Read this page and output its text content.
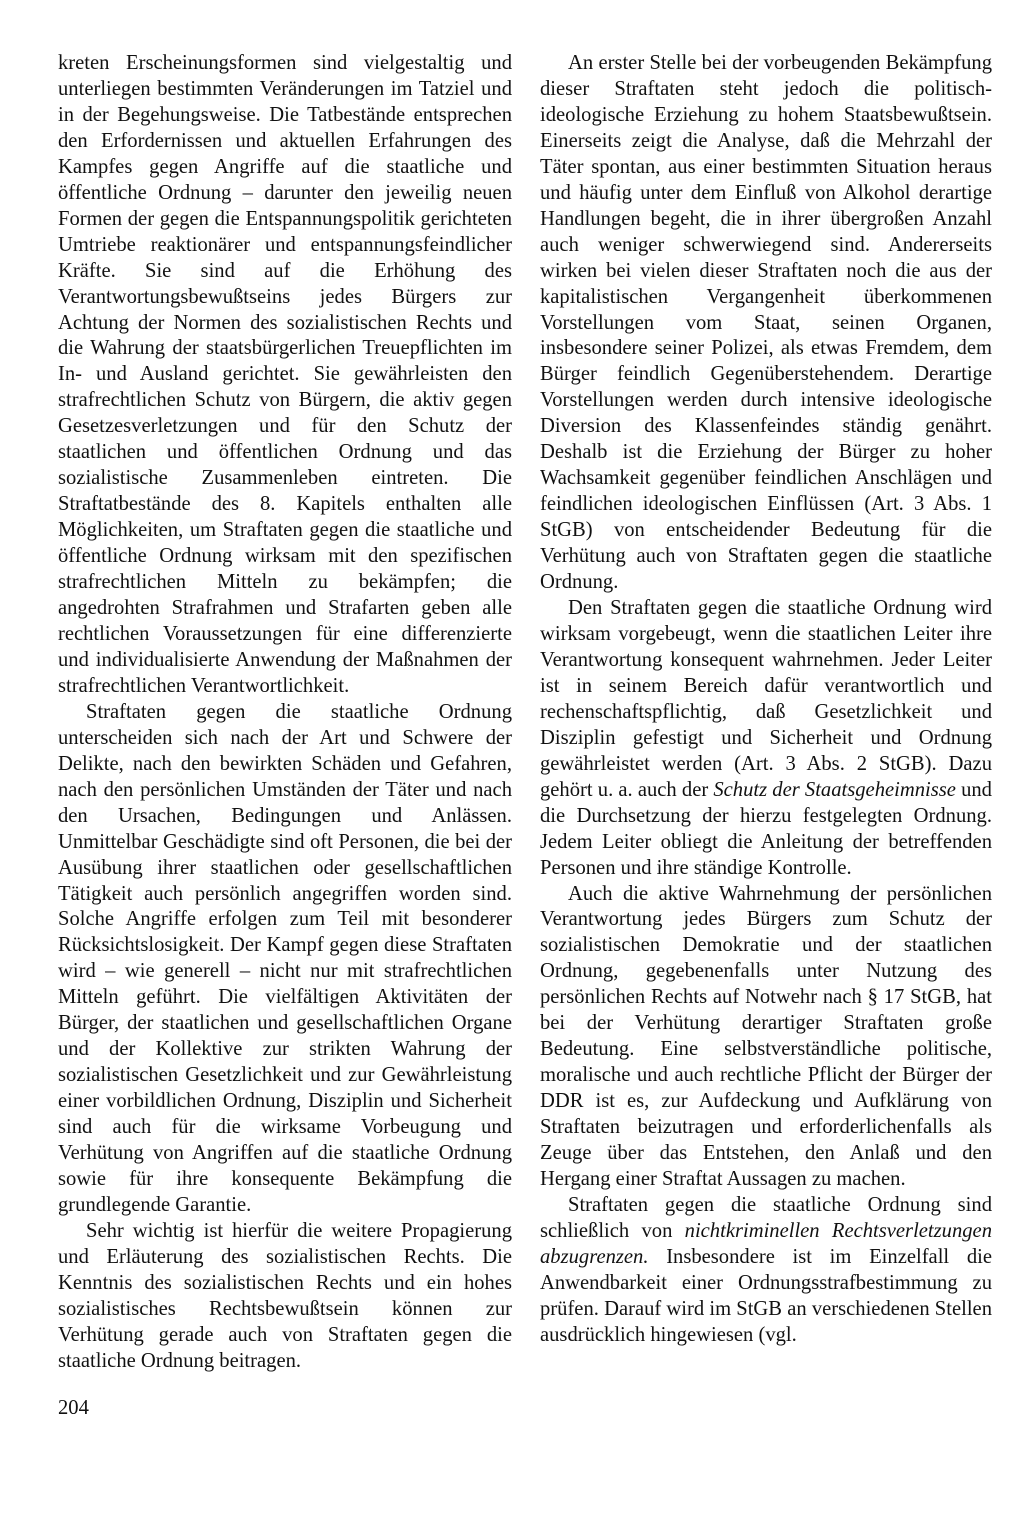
kreten Erscheinungsformen sind vielgestaltig und unterliegen bestimmten Veränderungen im Tatziel und in der Begehungsweise. Die Tatbestände entsprechen den Erfordernissen und aktuellen Erfahrungen des Kampfes gegen Angriffe auf die staatliche und öffentliche Ordnung – darunter den jeweilig neuen Formen der gegen die Entspannungspolitik gerichteten Umtriebe reaktionärer und entspannungsfeindlicher Kräfte. Sie sind auf die Erhöhung des Verantwortungsbewußtseins jedes Bürgers zur Achtung der Normen des sozialistischen Rechts und die Wahrung der staatsbürgerlichen Treuepflichten im In- und Ausland gerichtet. Sie gewährleisten den strafrechtlichen Schutz von Bürgern, die aktiv gegen Gesetzesverletzungen und für den Schutz der staatlichen und öffentlichen Ordnung und das sozialistische Zusammenleben eintreten. Die Straftatbestände des 8. Kapitels enthalten alle Möglichkeiten, um Straftaten gegen die staatliche und öffentliche Ordnung wirksam mit den spezifischen strafrechtlichen Mitteln zu bekämpfen; die angedrohten Strafrahmen und Strafarten geben alle rechtlichen Voraussetzungen für eine differenzierte und individualisierte Anwendung der Maßnahmen der strafrechtlichen Verantwortlichkeit.

Straftaten gegen die staatliche Ordnung unterscheiden sich nach der Art und Schwere der Delikte, nach den bewirkten Schäden und Gefahren, nach den persönlichen Umständen der Täter und nach den Ursachen, Bedingungen und Anlässen. Unmittelbar Geschädigte sind oft Personen, die bei der Ausübung ihrer staatlichen oder gesellschaftlichen Tätigkeit auch persönlich angegriffen worden sind. Solche Angriffe erfolgen zum Teil mit besonderer Rücksichtslosigkeit. Der Kampf gegen diese Straftaten wird – wie generell – nicht nur mit strafrechtlichen Mitteln geführt. Die vielfältigen Aktivitäten der Bürger, der staatlichen und gesellschaftlichen Organe und der Kollektive zur strikten Wahrung der sozialistischen Gesetzlichkeit und zur Gewährleistung einer vorbildlichen Ordnung, Disziplin und Sicherheit sind auch für die wirksame Vorbeugung und Verhütung von Angriffen auf die staatliche Ordnung sowie für ihre konsequente Bekämpfung die grundlegende Garantie.

Sehr wichtig ist hierfür die weitere Propagierung und Erläuterung des sozialistischen Rechts. Die Kenntnis des sozialistischen Rechts und ein hohes sozialistisches Rechtsbewußtsein können zur Verhütung gerade auch von Straftaten gegen die staatliche Ordnung beitragen.

An erster Stelle bei der vorbeugenden Bekämpfung dieser Straftaten steht jedoch die politisch-ideologische Erziehung zu hohem Staatsbewußtsein. Einerseits zeigt die Analyse, daß die Mehrzahl der Täter spontan, aus einer bestimmten Situation heraus und häufig unter dem Einfluß von Alkohol derartige Handlungen begeht, die in ihrer übergroßen Anzahl auch weniger schwerwiegend sind. Andererseits wirken bei vielen dieser Straftaten noch die aus der kapitalistischen Vergangenheit überkommenen Vorstellungen vom Staat, seinen Organen, insbesondere seiner Polizei, als etwas Fremdem, dem Bürger feindlich Gegenüberstehendem. Derartige Vorstellungen werden durch intensive ideologische Diversion des Klassenfeindes ständig genährt. Deshalb ist die Erziehung der Bürger zu hoher Wachsamkeit gegenüber feindlichen Anschlägen und feindlichen ideologischen Einflüssen (Art. 3 Abs. 1 StGB) von entscheidender Bedeutung für die Verhütung auch von Straftaten gegen die staatliche Ordnung.

Den Straftaten gegen die staatliche Ordnung wird wirksam vorgebeugt, wenn die staatlichen Leiter ihre Verantwortung konsequent wahrnehmen. Jeder Leiter ist in seinem Bereich dafür verantwortlich und rechenschaftspflichtig, daß Gesetzlichkeit und Disziplin gefestigt und Sicherheit und Ordnung gewährleistet werden (Art. 3 Abs. 2 StGB). Dazu gehört u. a. auch der Schutz der Staatsgeheimnisse und die Durchsetzung der hierzu festgelegten Ordnung. Jedem Leiter obliegt die Anleitung der betreffenden Personen und ihre ständige Kontrolle.

Auch die aktive Wahrnehmung der persönlichen Verantwortung jedes Bürgers zum Schutz der sozialistischen Demokratie und der staatlichen Ordnung, gegebenenfalls unter Nutzung des persönlichen Rechts auf Notwehr nach § 17 StGB, hat bei der Verhütung derartiger Straftaten große Bedeutung. Eine selbstverständliche politische, moralische und auch rechtliche Pflicht der Bürger der DDR ist es, zur Aufdeckung und Aufklärung von Straftaten beizutragen und erforderlichenfalls als Zeuge über das Entstehen, den Anlaß und den Hergang einer Straftat Aussagen zu machen.

Straftaten gegen die staatliche Ordnung sind schließlich von nichtkriminellen Rechtsverletzungen abzugrenzen. Insbesondere ist im Einzelfall die Anwendbarkeit einer Ordnungsstrafbestimmung zu prüfen. Darauf wird im StGB an verschiedenen Stellen ausdrücklich hingewiesen (vgl.

204
